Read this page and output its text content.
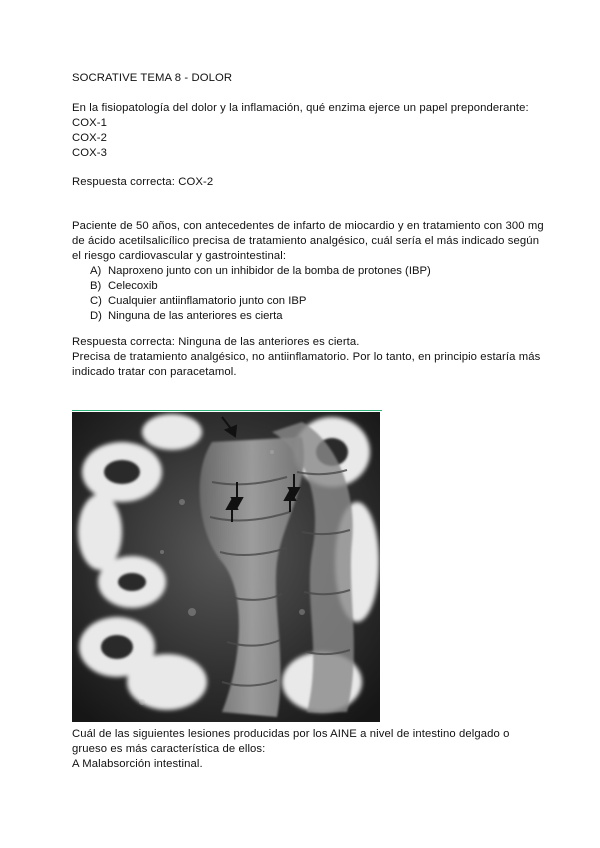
SOCRATIVE TEMA 8 - DOLOR
En la fisiopatología del dolor y la inflamación, qué enzima ejerce un papel preponderante:
COX-1
COX-2
COX-3
Respuesta correcta: COX-2
Paciente de 50 años, con antecedentes de infarto de miocardio y en tratamiento con 300 mg
de ácido acetilsalicílico precisa de tratamiento analgésico, cuál sería el más indicado según
el riesgo cardiovascular y gastrointestinal:
A) Naproxeno junto con un inhibidor de la bomba de protones (IBP)
B) Celecoxib
C) Cualquier antiinflamatorio junto con IBP
D) Ninguna de las anteriores es cierta
Respuesta correcta: Ninguna de las anteriores es cierta.
Precisa de tratamiento analgésico, no antiinflamatorio. Por lo tanto, en principio estaría más
indicado tratar con paracetamol.
Cuál de las siguientes lesiones producidas por los AINE a nivel de intestino delgado o
grueso es más característica de ellos:
A Malabsorción intestinal.
